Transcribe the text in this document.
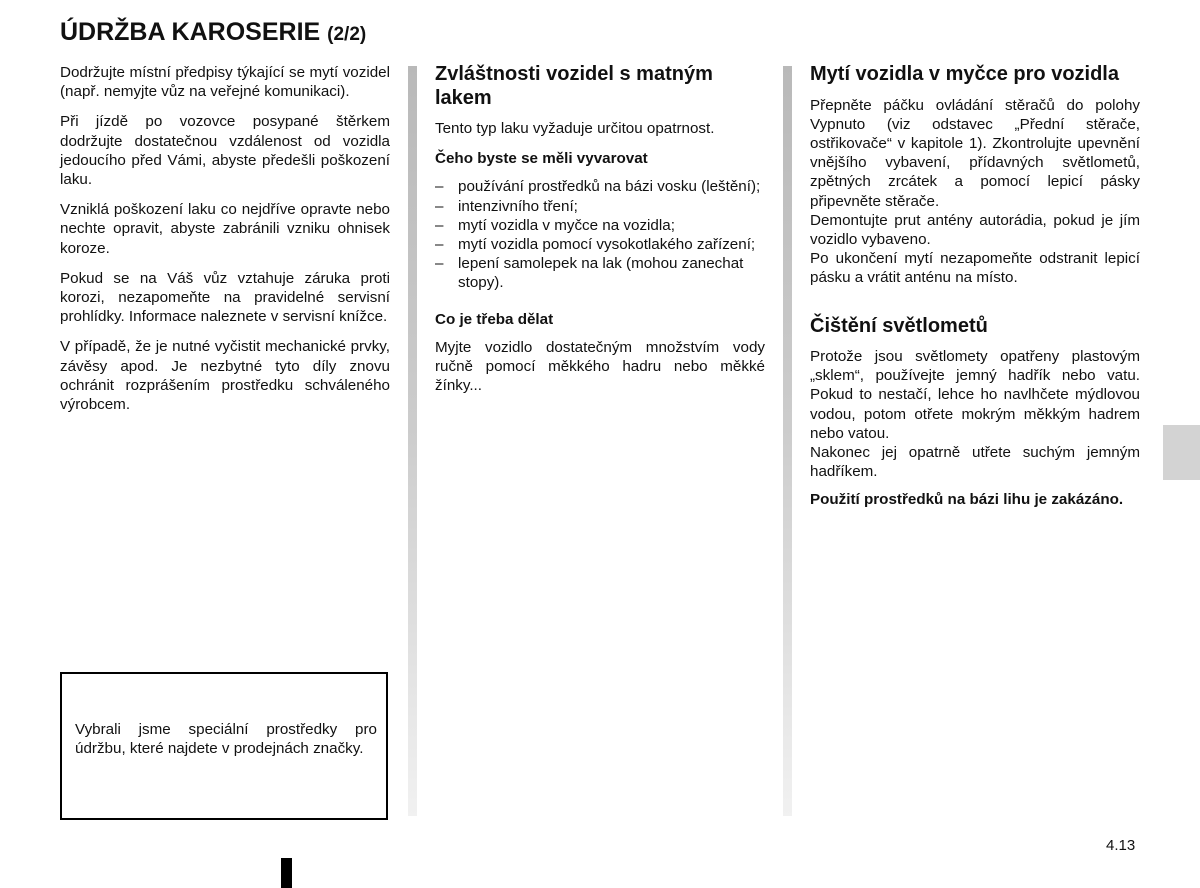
ÚDRŽBA KAROSERIE (2/2)

Dodržujte místní předpisy týkající se mytí vozidel (např. nemyjte vůz na veřejné komunikaci).

Při jízdě po vozovce posypané štěrkem dodržujte dostatečnou vzdálenost od vozidla jedoucího před Vámi, abyste předešli poškození laku.

Vzniklá poškození laku co nejdříve opravte nebo nechte opravit, abyste zabránili vzniku ohnisek koroze.

Pokud se na Váš vůz vztahuje záruka proti korozi, nezapomeňte na pravidelné servisní prohlídky. Informace naleznete v servisní knížce.

V případě, že je nutné vyčistit mechanické prvky, závěsy apod. Je nezbytné tyto díly znovu ochránit rozprášením prostředku schváleného výrobcem.

Vybrali jsme speciální prostředky pro údržbu, které najdete v prodejnách značky.

Zvláštnosti vozidel s matným lakem

Tento typ laku vyžaduje určitou opatrnost.

Čeho byste se měli vyvarovat
– používání prostředků na bázi vosku (leštění);
– intenzivního tření;
– mytí vozidla v myčce na vozidla;
– mytí vozidla pomocí vysokotlakého zařízení;
– lepení samolepek na lak (mohou zanechat stopy).
Co je třeba dělat

Myjte vozidlo dostatečným množstvím vody ručně pomocí měkkého hadru nebo měkké žínky...

Mytí vozidla v myčce pro vozidla
Přepněte páčku ovládání stěračů do polohy Vypnuto (viz odstavec „Přední stěrače, ostřikovače“ v kapitole 1). Zkontrolujte upevnění vnějšího vybavení, přídavných světlometů, zpětných zrcátek a pomocí lepicí pásky připevněte stěrače.
Demontujte prut antény autorádia, pokud je jím vozidlo vybaveno.
Po ukončení mytí nezapomeňte odstranit lepicí pásku a vrátit anténu na místo.
Čištění světlometů
Protože jsou světlomety opatřeny plastovým „sklem“, používejte jemný hadřík nebo vatu. Pokud to nestačí, lehce ho navlhčete mýdlovou vodou, potom otřete mokrým měkkým hadrem nebo vatou.
Nakonec jej opatrně utřete suchým jemným hadříkem.

Použití prostředků na bázi lihu je zakázáno.

4.13
